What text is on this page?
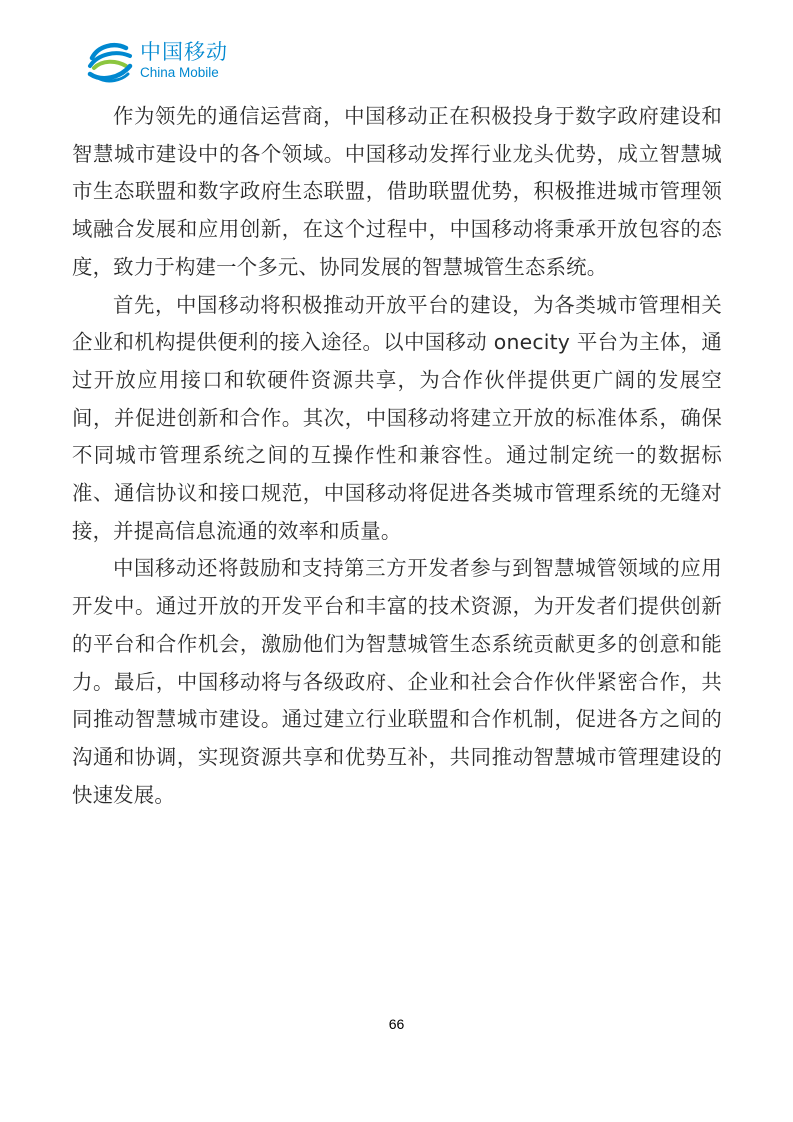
中国移动
China Mobile

作为领先的通信运营商，中国移动正在积极投身于数字政府建设和智慧城市建设中的各个领域。中国移动发挥行业龙头优势，成立智慧城市生态联盟和数字政府生态联盟，借助联盟优势，积极推进城市管理领域融合发展和应用创新，在这个过程中，中国移动将秉承开放包容的态度，致力于构建一个多元、协同发展的智慧城管生态系统。

首先，中国移动将积极推动开放平台的建设，为各类城市管理相关企业和机构提供便利的接入途径。以中国移动 onecity 平台为主体，通过开放应用接口和软硬件资源共享，为合作伙伴提供更广阔的发展空间，并促进创新和合作。其次，中国移动将建立开放的标准体系，确保不同城市管理系统之间的互操作性和兼容性。通过制定统一的数据标准、通信协议和接口规范，中国移动将促进各类城市管理系统的无缝对接，并提高信息流通的效率和质量。

中国移动还将鼓励和支持第三方开发者参与到智慧城管领域的应用开发中。通过开放的开发平台和丰富的技术资源，为开发者们提供创新的平台和合作机会，激励他们为智慧城管生态系统贡献更多的创意和能力。最后，中国移动将与各级政府、企业和社会合作伙伴紧密合作，共同推动智慧城市建设。通过建立行业联盟和合作机制，促进各方之间的沟通和协调，实现资源共享和优势互补，共同推动智慧城市管理建设的快速发展。

66
